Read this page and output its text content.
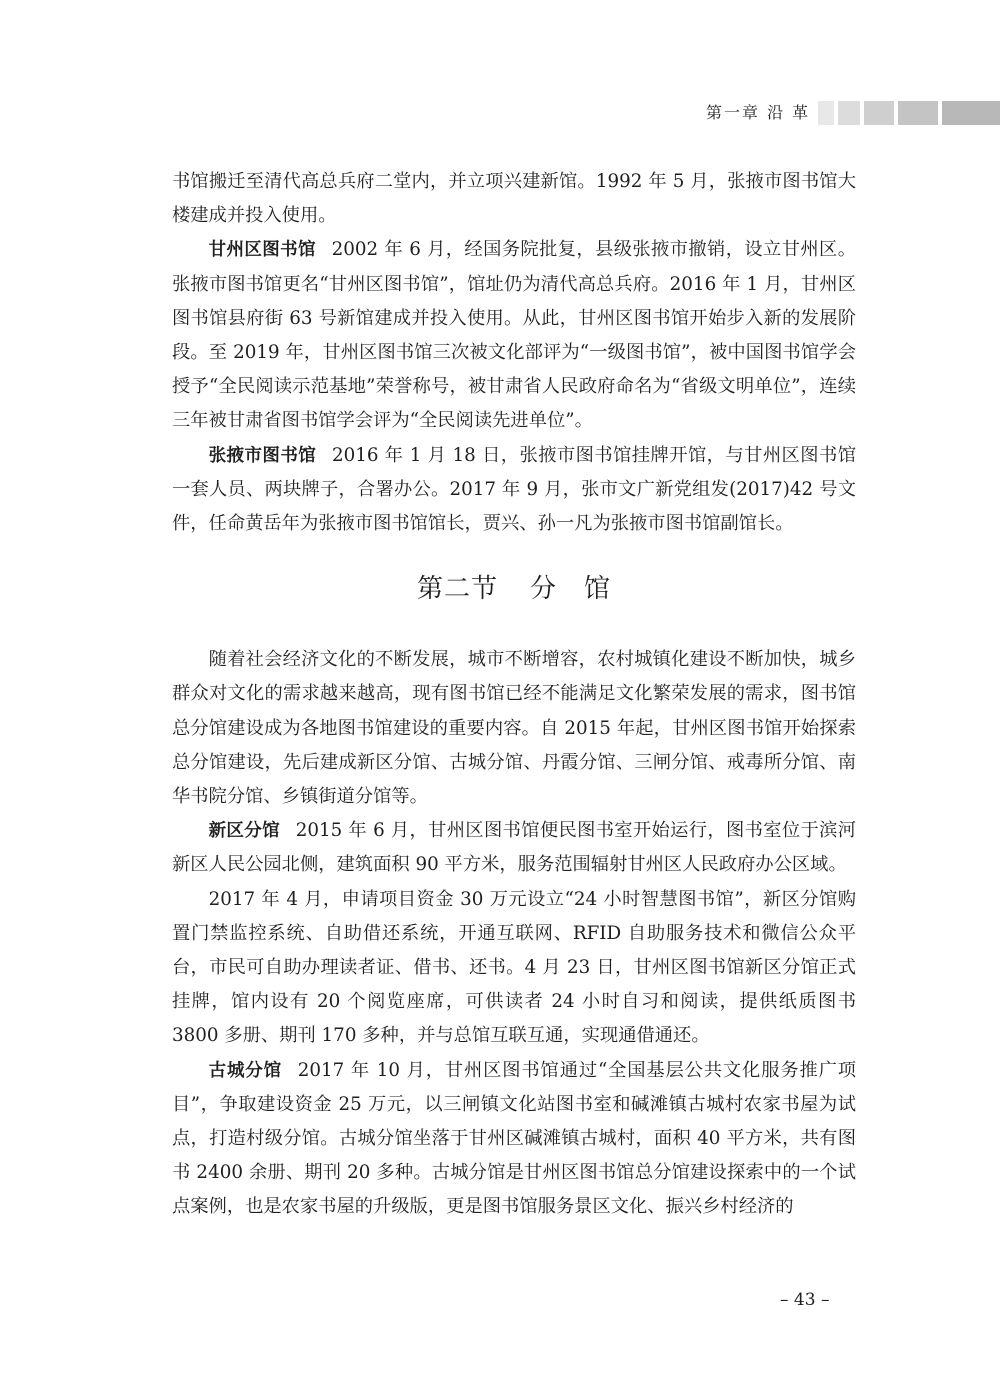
第一章 沿 革

书馆搬迁至清代高总兵府二堂内，并立项兴建新馆。1992 年 5 月，张掖市图书馆大楼建成并投入使用。

甘州区图书馆 2002 年 6 月，经国务院批复，县级张掖市撤销，设立甘州区。张掖市图书馆更名“甘州区图书馆”，馆址仍为清代高总兵府。2016 年 1 月，甘州区图书馆县府街 63 号新馆建成并投入使用。从此，甘州区图书馆开始步入新的发展阶段。至 2019 年，甘州区图书馆三次被文化部评为“一级图书馆”，被中国图书馆学会授予“全民阅读示范基地”荣誉称号，被甘肃省人民政府命名为“省级文明单位”，连续三年被甘肃省图书馆学会评为“全民阅读先进单位”。

张掖市图书馆 2016 年 1 月 18 日，张掖市图书馆挂牌开馆，与甘州区图书馆一套人员、两块牌子，合署办公。2017 年 9 月，张市文广新党组发(2017)42 号文件，任命黄岳年为张掖市图书馆馆长，贾兴、孙一凡为张掖市图书馆副馆长。

第二节 分　馆

随着社会经济文化的不断发展，城市不断增容，农村城镇化建设不断加快，城乡群众对文化的需求越来越高，现有图书馆已经不能满足文化繁荣发展的需求，图书馆总分馆建设成为各地图书馆建设的重要内容。自 2015 年起，甘州区图书馆开始探索总分馆建设，先后建成新区分馆、古城分馆、丹霞分馆、三闸分馆、戒毒所分馆、南华书院分馆、乡镇街道分馆等。

新区分馆 2015 年 6 月，甘州区图书馆便民图书室开始运行，图书室位于滨河新区人民公园北侧，建筑面积 90 平方米，服务范围辐射甘州区人民政府办公区域。

2017 年 4 月，申请项目资金 30 万元设立“24 小时智慧图书馆”，新区分馆购置门禁监控系统、自助借还系统，开通互联网、RFID 自助服务技术和微信公众平台，市民可自助办理读者证、借书、还书。4 月 23 日，甘州区图书馆新区分馆正式挂牌，馆内设有 20 个阅览座席，可供读者 24 小时自习和阅读，提供纸质图书 3800 多册、期刊 170 多种，并与总馆互联互通，实现通借通还。

古城分馆 2017 年 10 月，甘州区图书馆通过“全国基层公共文化服务推广项目”，争取建设资金 25 万元，以三闸镇文化站图书室和碱滩镇古城村农家书屋为试点，打造村级分馆。古城分馆坐落于甘州区碱滩镇古城村，面积 40 平方米，共有图书 2400 余册、期刊 20 多种。古城分馆是甘州区图书馆总分馆建设探索中的一个试点案例，也是农家书屋的升级版，更是图书馆服务景区文化、振兴乡村经济的

– 43 –
